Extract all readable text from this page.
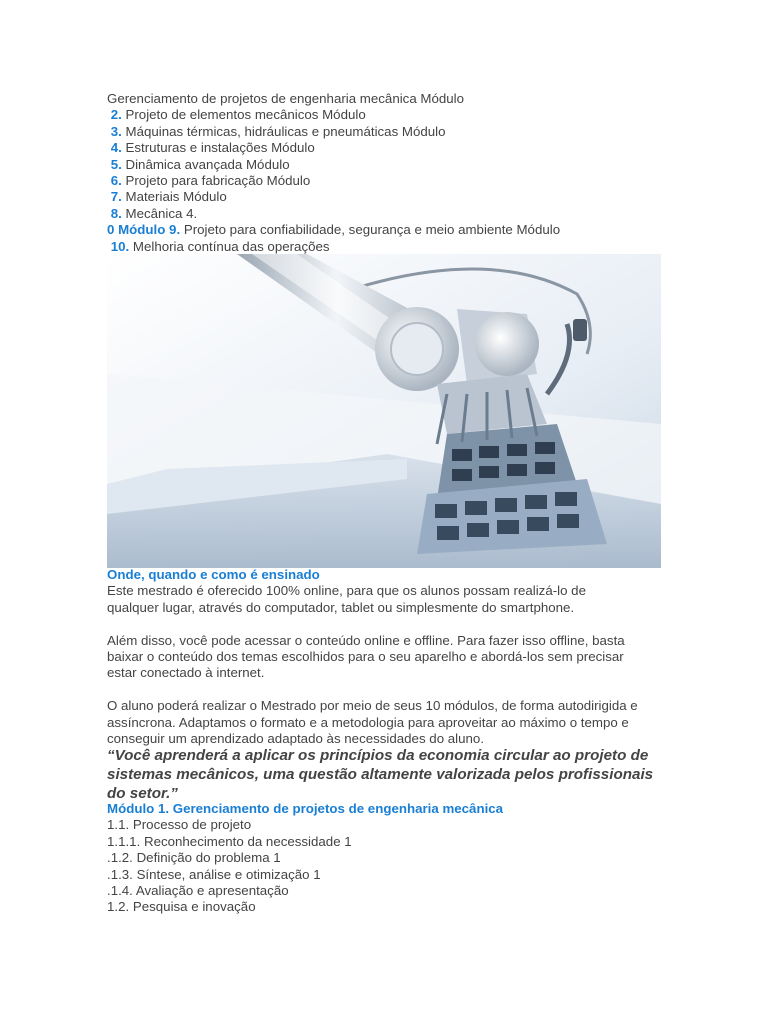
Gerenciamento de projetos de engenharia mecânica Módulo
2. Projeto de elementos mecânicos Módulo
3. Máquinas térmicas, hidráulicas e pneumáticas Módulo
4. Estruturas e instalações Módulo
5. Dinâmica avançada Módulo
6. Projeto para fabricação Módulo
7. Materiais Módulo
8. Mecânica 4.
0 Módulo 9. Projeto para confiabilidade, segurança e meio ambiente Módulo
10. Melhoria contínua das operações
Onde, quando e como é ensinado
Este mestrado é oferecido 100% online, para que os alunos possam realizá-lo de
qualquer lugar, através do computador, tablet ou simplesmente do smartphone.
Além disso, você pode acessar o conteúdo online e offline. Para fazer isso offline, basta
baixar o conteúdo dos temas escolhidos para o seu aparelho e abordá-los sem precisar
estar conectado à internet.
O aluno poderá realizar o Mestrado por meio de seus 10 módulos, de forma autodirigida e
assíncrona. Adaptamos o formato e a metodologia para aproveitar ao máximo o tempo e
conseguir um aprendizado adaptado às necessidades do aluno.
“Você aprenderá a aplicar os princípios da economia circular ao projeto de
sistemas mecânicos, uma questão altamente valorizada pelos profissionais
do setor.”
Módulo 1. Gerenciamento de projetos de engenharia mecânica
1.1. Processo de projeto
1.1.1. Reconhecimento da necessidade 1
.1.2. Definição do problema 1
.1.3. Síntese, análise e otimização 1
.1.4. Avaliação e apresentação
1.2. Pesquisa e inovação
